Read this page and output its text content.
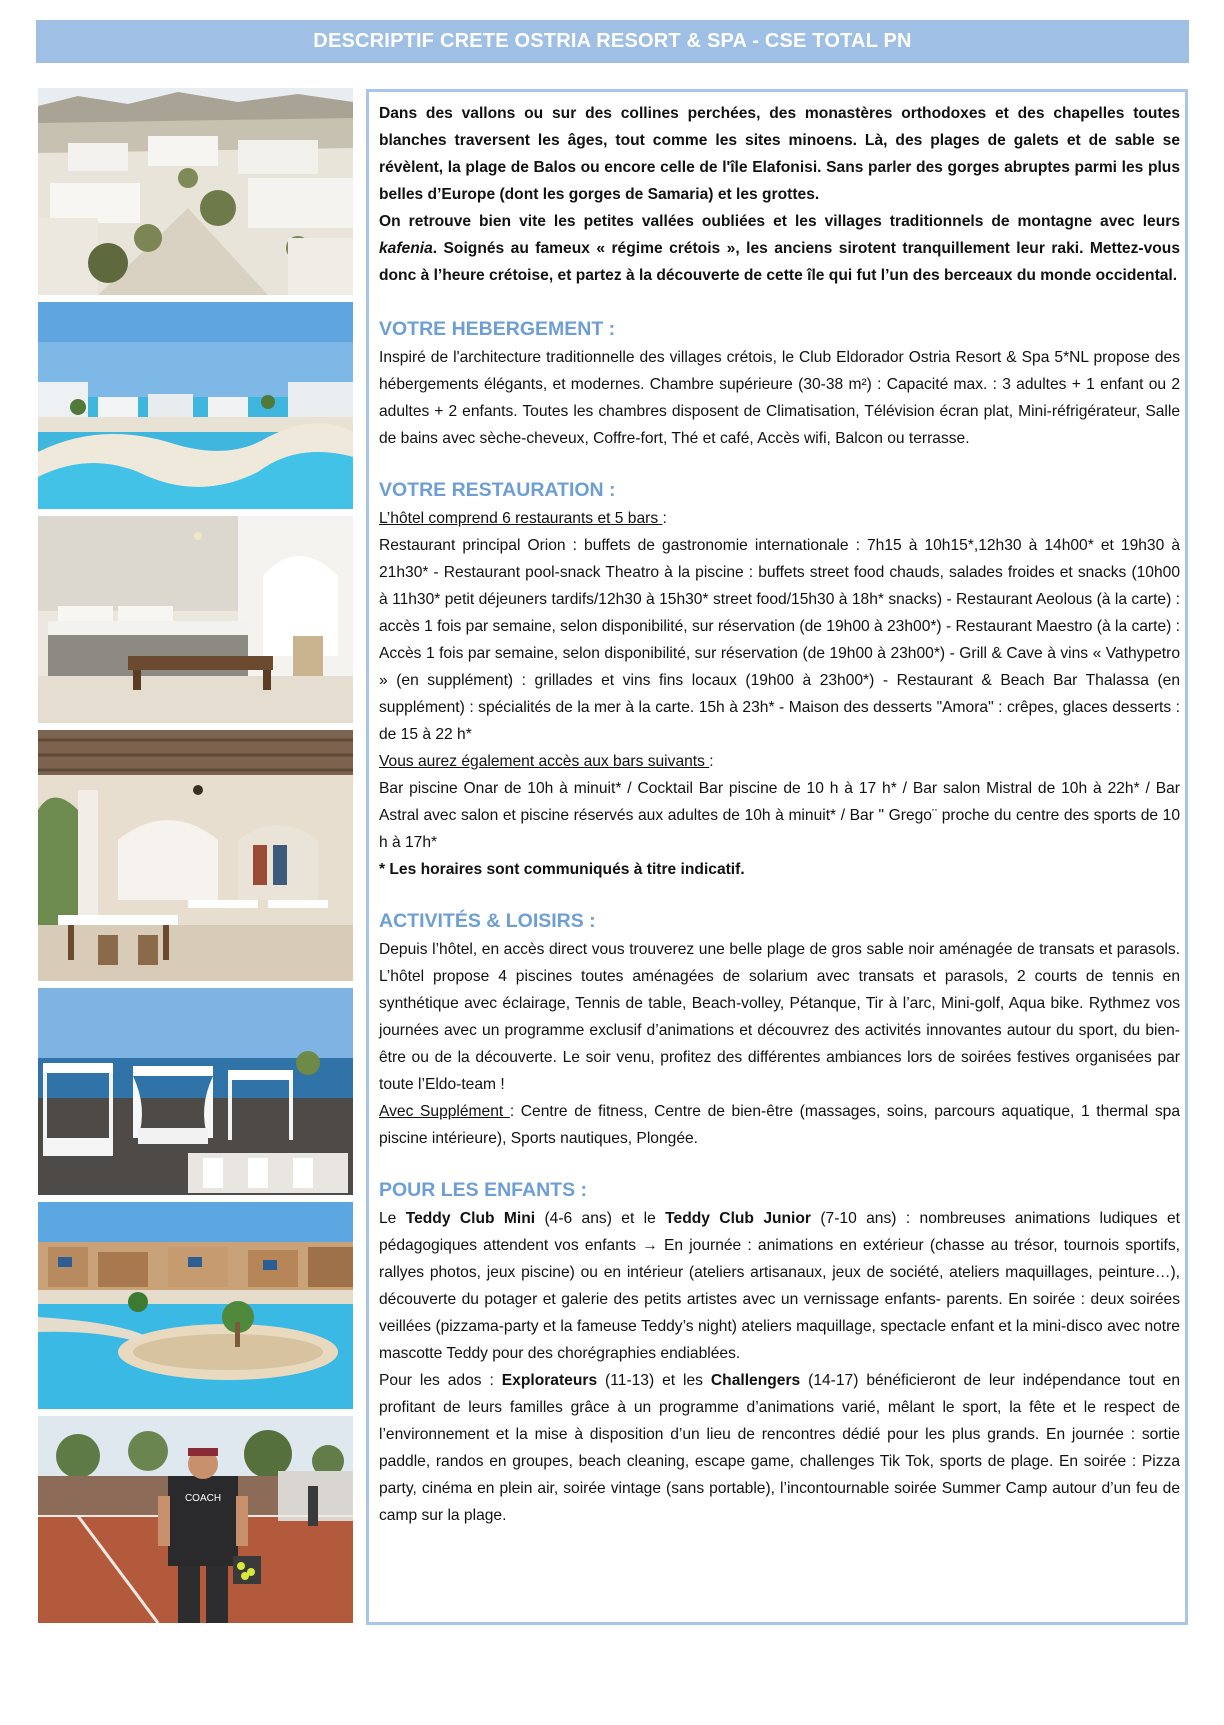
DESCRIPTIF CRETE OSTRIA RESORT & SPA - CSE TOTAL PN
COACH

Dans des vallons ou sur des collines perchées, des monastères orthodoxes et des chapelles toutes blanches traversent les âges, tout comme les sites minoens. Là, des plages de galets et de sable se révèlent, la plage de Balos ou encore celle de l'île Elafonisi. Sans parler des gorges abruptes parmi les plus belles d’Europe (dont les gorges de Samaria) et les grottes.

On retrouve bien vite les petites vallées oubliées et les villages traditionnels de montagne avec leurs kafenia. Soignés au fameux « régime crétois », les anciens sirotent tranquillement leur raki. Mettez-vous donc à l’heure crétoise, et partez à la découverte de cette île qui fut l’un des berceaux du monde occidental.

VOTRE HEBERGEMENT :

Inspiré de l'architecture traditionnelle des villages crétois, le Club Eldorador Ostria Resort & Spa 5*NL propose des hébergements élégants, et modernes. Chambre supérieure (30-38 m²) : Capacité max. : 3 adultes + 1 enfant ou 2 adultes + 2 enfants. Toutes les chambres disposent de Climatisation, Télévision écran plat, Mini-réfrigérateur, Salle de bains avec sèche-cheveux, Coffre-fort, Thé et café, Accès wifi, Balcon ou terrasse.

VOTRE RESTAURATION :

L’hôtel comprend 6 restaurants et 5 bars :

Restaurant principal Orion : buffets de gastronomie internationale : 7h15 à 10h15*,12h30 à 14h00* et 19h30 à 21h30* - Restaurant pool-snack Theatro à la piscine : buffets street food chauds, salades froides et snacks (10h00 à 11h30* petit déjeuners tardifs/12h30 à 15h30* street food/15h30 à 18h* snacks) - Restaurant Aeolous (à la carte) : accès 1 fois par semaine, selon disponibilité, sur réservation (de 19h00 à 23h00*) - Restaurant Maestro (à la carte) : Accès 1 fois par semaine, selon disponibilité, sur réservation (de 19h00 à 23h00*) - Grill & Cave à vins « Vathypetro » (en supplément) : grillades et vins fins locaux (19h00 à 23h00*) - Restaurant & Beach Bar Thalassa (en supplément) : spécialités de la mer à la carte. 15h à 23h* - Maison des desserts "Amora" : crêpes, glaces desserts : de 15 à 22 h*

Vous aurez également accès aux bars suivants :

Bar piscine Onar de 10h à minuit* / Cocktail Bar piscine de 10 h à 17 h* / Bar salon Mistral de 10h à 22h* / Bar Astral avec salon et piscine réservés aux adultes de 10h à minuit* / Bar " Grego¨ proche du centre des sports de 10 h à 17h*

* Les horaires sont communiqués à titre indicatif.

ACTIVITÉS & LOISIRS :

Depuis l’hôtel, en accès direct vous trouverez une belle plage de gros sable noir aménagée de transats et parasols. L’hôtel propose 4 piscines toutes aménagées de solarium avec transats et parasols, 2 courts de tennis en synthétique avec éclairage, Tennis de table, Beach-volley, Pétanque, Tir à l’arc, Mini-golf, Aqua bike. Rythmez vos journées avec un programme exclusif d’animations et découvrez des activités innovantes autour du sport, du bien-être ou de la découverte. Le soir venu, profitez des différentes ambiances lors de soirées festives organisées par toute l’Eldo-team !

Avec Supplément : Centre de fitness, Centre de bien-être (massages, soins, parcours aquatique, 1 thermal spa piscine intérieure), Sports nautiques, Plongée.

POUR LES ENFANTS :

Le Teddy Club Mini (4-6 ans) et le Teddy Club Junior (7-10 ans) : nombreuses animations ludiques et pédagogiques attendent vos enfants → En journée : animations en extérieur (chasse au trésor, tournois sportifs, rallyes photos, jeux piscine) ou en intérieur (ateliers artisanaux, jeux de société, ateliers maquillages, peinture…), découverte du potager et galerie des petits artistes avec un vernissage enfants- parents. En soirée : deux soirées veillées (pizzama-party et la fameuse Teddy’s night) ateliers maquillage, spectacle enfant et la mini-disco avec notre mascotte Teddy pour des chorégraphies endiablées.

Pour les ados : Explorateurs (11-13) et les Challengers (14-17) bénéficieront de leur indépendance tout en profitant de leurs familles grâce à un programme d’animations varié, mêlant le sport, la fête et le respect de l’environnement et la mise à disposition d’un lieu de rencontres dédié pour les plus grands. En journée : sortie paddle, randos en groupes, beach cleaning, escape game, challenges Tik Tok, sports de plage. En soirée : Pizza party, cinéma en plein air, soirée vintage (sans portable), l’incontournable soirée Summer Camp autour d’un feu de camp sur la plage.
